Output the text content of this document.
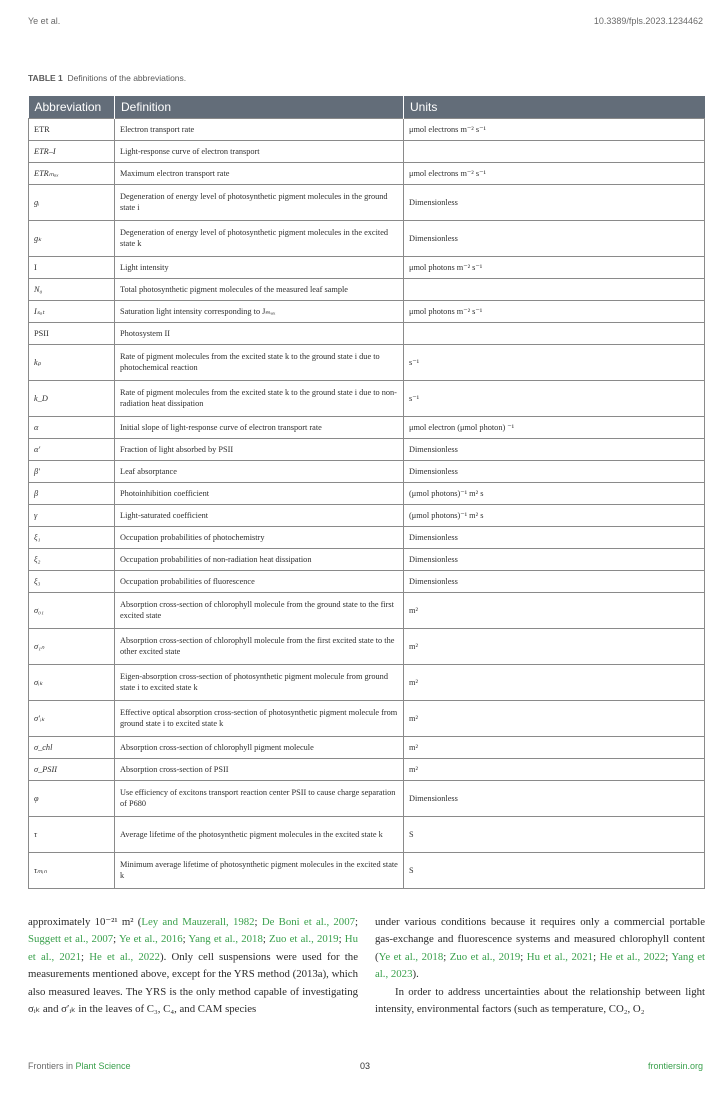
Ye et al.	10.3389/fpls.2023.1234462
TABLE 1 Definitions of the abbreviations.
Abbreviation	Definition	Units

ETR	Electron transport rate	μmol electrons m⁻² s⁻¹

ETR–I	Light-response curve of electron transport	

ETRₘₐₓ	Maximum electron transport rate	μmol electrons m⁻² s⁻¹

gᵢ	Degeneration of energy level of photosynthetic pigment molecules in the ground state i	Dimensionless

gₖ	Degeneration of energy level of photosynthetic pigment molecules in the excited state k	Dimensionless

I	Light intensity	μmol photons m⁻² s⁻¹

N₀	Total photosynthetic pigment molecules of the measured leaf sample	

Iₛₐₜ	Saturation light intensity corresponding to Jₘₐₓ	μmol photons m⁻² s⁻¹

PSII	Photosystem II	

kₚ	Rate of pigment molecules from the excited state k to the ground state i due to photochemical reaction	s⁻¹

k_D	Rate of pigment molecules from the excited state k to the ground state i due to non-radiation heat dissipation	s⁻¹

α	Initial slope of light-response curve of electron transport rate	μmol electron (μmol photon) ⁻¹

α′	Fraction of light absorbed by PSII	Dimensionless

β′	Leaf absorptance	Dimensionless

β	Photoinhibition coefficient	(μmol photons)⁻¹ m² s

γ	Light-saturated coefficient	(μmol photons)⁻¹ m² s

ξ₁	Occupation probabilities of photochemistry	Dimensionless

ξ₂	Occupation probabilities of non-radiation heat dissipation	Dimensionless

ξ₃	Occupation probabilities of fluorescence	Dimensionless

σ₀₁	Absorption cross-section of chlorophyll molecule from the ground state to the first excited state	m²

σ₁ₙ	Absorption cross-section of chlorophyll molecule from the first excited state to the other excited state	m²

σᵢₖ	Eigen-absorption cross-section of photosynthetic pigment molecule from ground state i to excited state k	m²

σ′ᵢₖ	Effective optical absorption cross-section of photosynthetic pigment molecule from ground state i to excited state k	m²

σ_chl	Absorption cross-section of chlorophyll pigment molecule	m²

σ_PSII	Absorption cross-section of PSII	m²

φ	Use efficiency of excitons transport reaction center PSII to cause charge separation of P680	Dimensionless

τ	Average lifetime of the photosynthetic pigment molecules in the excited state k	S

τₘᵢₙ	Minimum average lifetime of photosynthetic pigment molecules in the excited state k	S

approximately 10⁻²¹ m² (Ley and Mauzerall, 1982; De Boni et al., 2007; Suggett et al., 2007; Ye et al., 2016; Yang et al., 2018; Zuo et al., 2019; Hu et al., 2021; He et al., 2022). Only cell suspensions were used for the measurements mentioned above, except for the YRS method (2013a), which also measured leaves. The YRS is the only method capable of investigating σᵢₖ and σ′ᵢₖ in the leaves of C₃, C₄, and CAM species

under various conditions because it requires only a commercial portable gas-exchange and fluorescence systems and measured chlorophyll content (Ye et al., 2018; Zuo et al., 2019; Hu et al., 2021; He et al., 2022; Yang et al., 2023).

In order to address uncertainties about the relationship between light intensity, environmental factors (such as temperature, CO₂, O₂

Frontiers in Plant Science	03	frontiersin.org
